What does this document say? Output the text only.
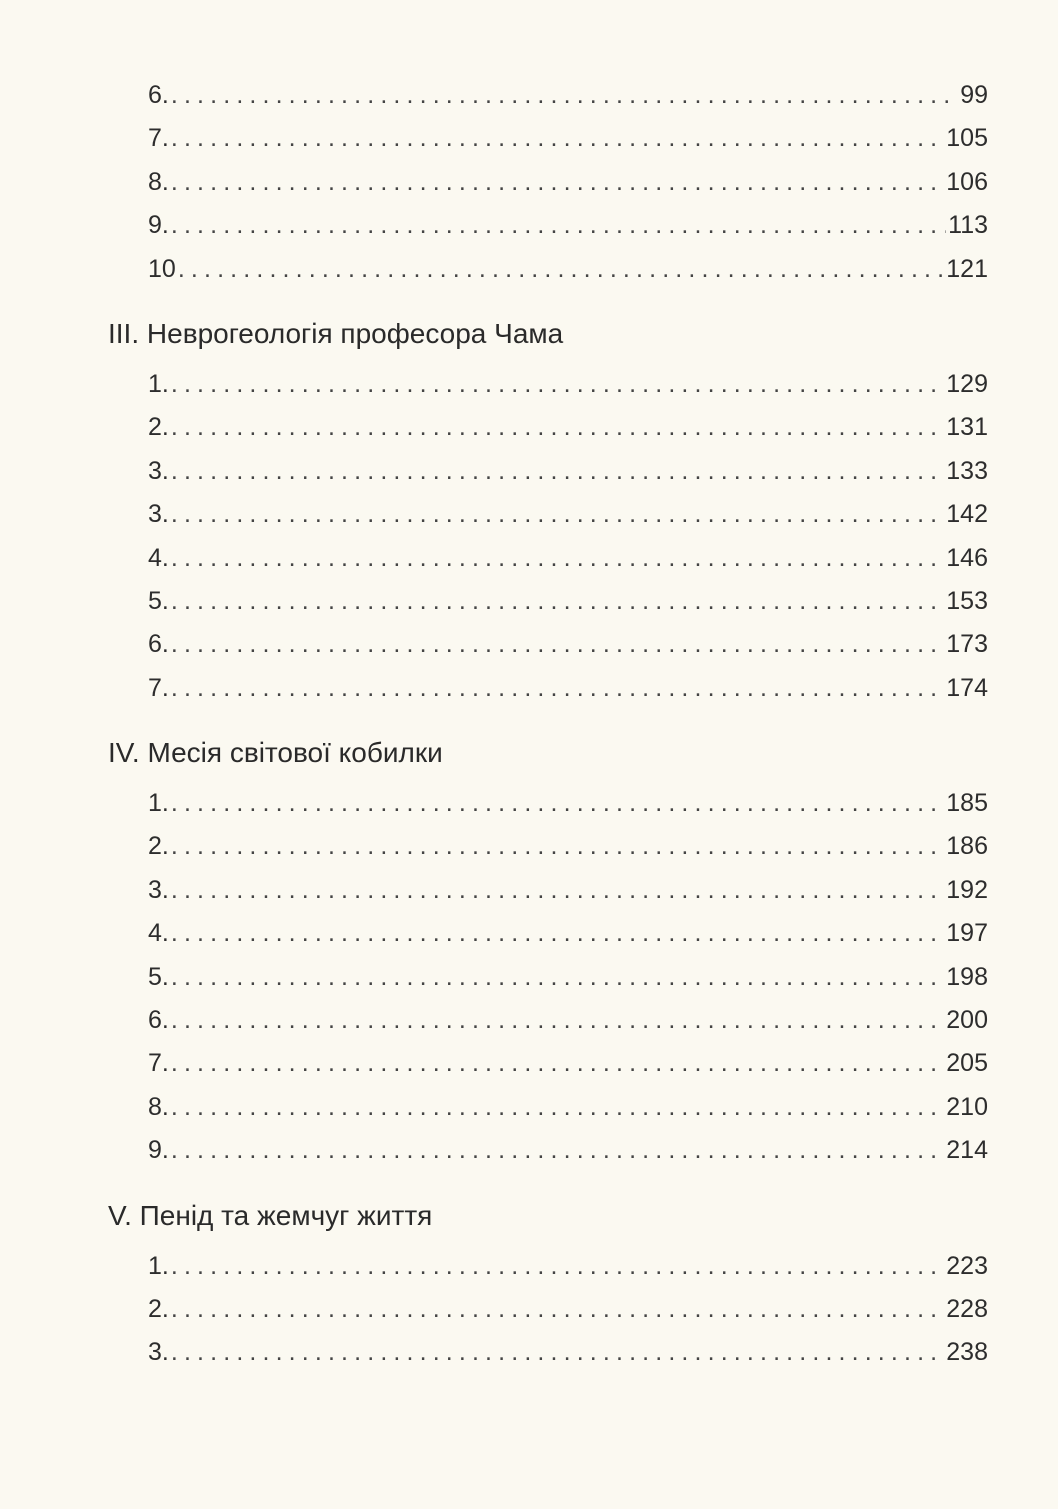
6. . . .	99
7. . . .	105
8. . . .	106
9. . . .	113
10 . . .	121
III. Неврогеологія професора Чама
1. . . .	129
2. . . .	131
3. . . .	133
3. . . .	142
4. . . .	146
5. . . .	153
6. . . .	173
7. . . .	174
IV. Месія світової кобилки
1. . . .	185
2. . . .	186
3. . . .	192
4. . . .	197
5. . . .	198
6. . . .	200
7. . . .	205
8. . . .	210
9. . . .	214
V. Пенід та жемчуг життя
1. . . .	223
2. . . .	228
3. . . .	238
